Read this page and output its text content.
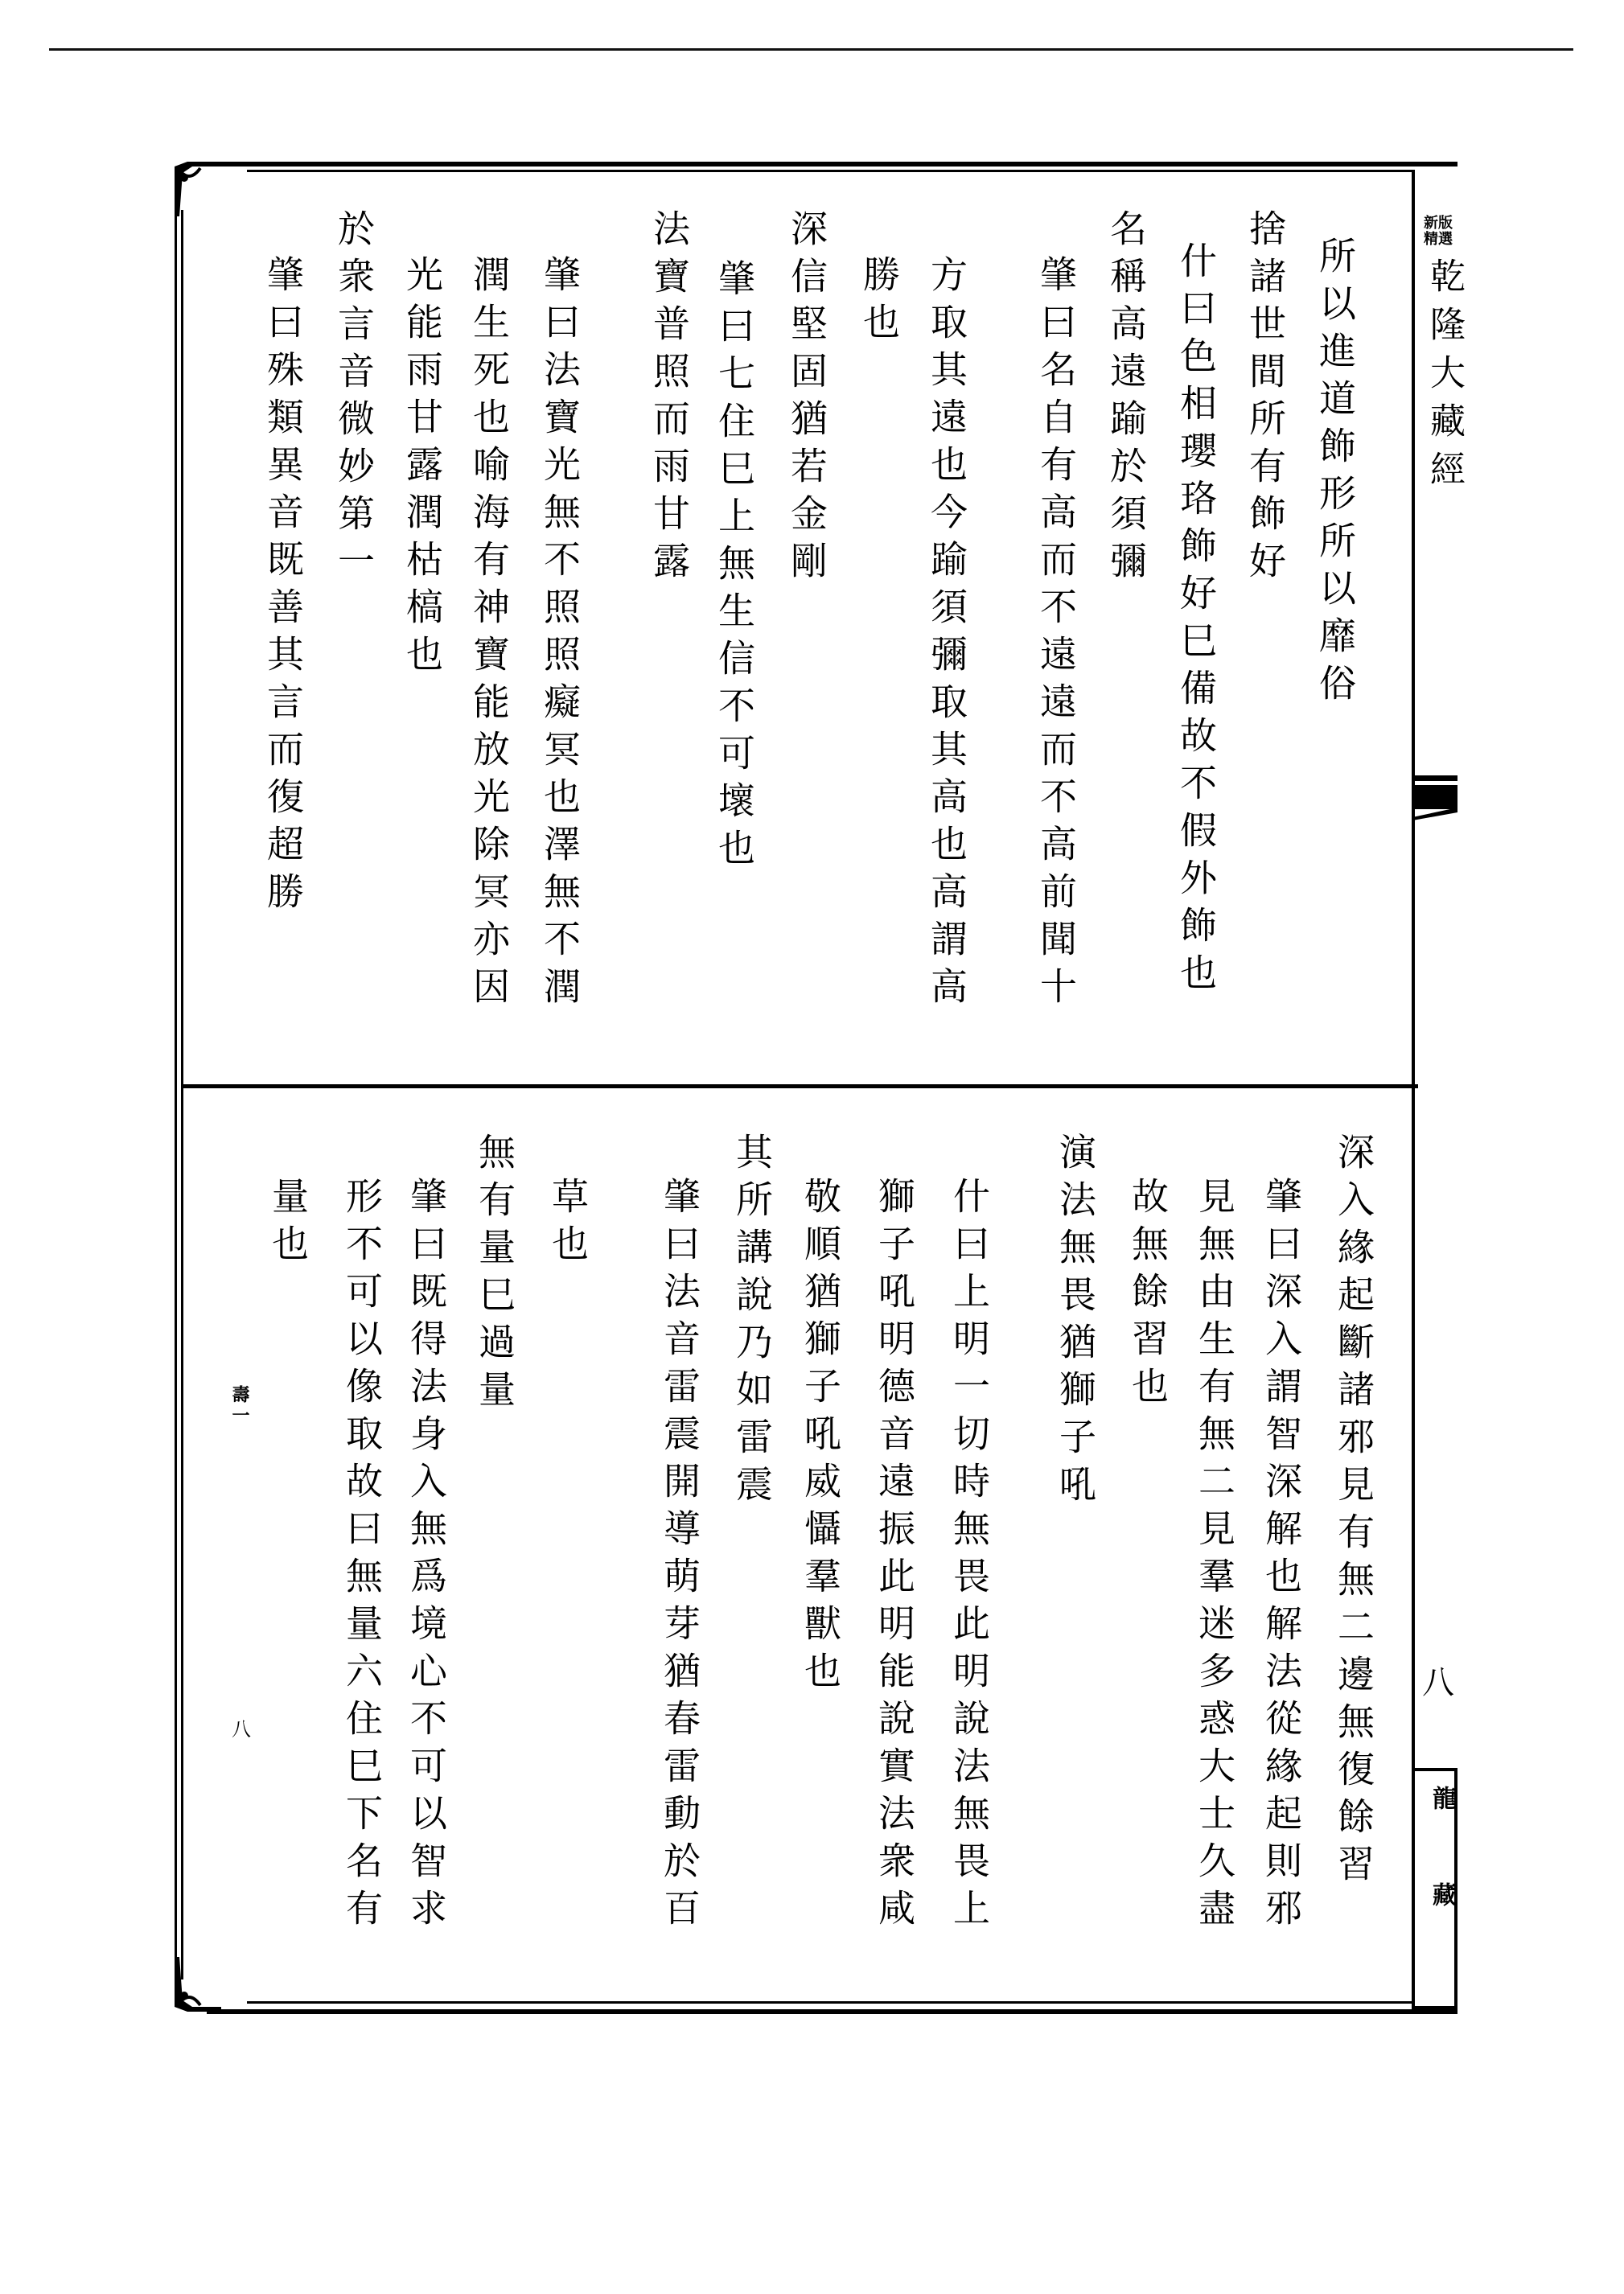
新版
精選
乾隆大藏經
八
龍藏
壽一
八
所以進道飾形所以靡俗
捨諸世間所有飾好
什曰色相瓔珞飾好巳備故不假外飾也
名稱高遠踰於須彌
肇曰名自有高而不遠遠而不高前聞十
方取其遠也今踰須彌取其高也高謂高
勝也
深信堅固猶若金剛
肇曰七住巳上無生信不可壞也
法寶普照而雨甘露
肇曰法寶光無不照照癡冥也澤無不潤
潤生死也喻海有神寶能放光除冥亦因
光能雨甘露潤枯槁也
於衆言音微妙第一
肇曰殊類異音既善其言而復超勝
深入緣起斷諸邪見有無二邊無復餘習
肇曰深入謂智深解也解法從緣起則邪
見無由生有無二見羣迷多惑大士久盡
故無餘習也
演法無畏猶獅子吼
什曰上明一切時無畏此明說法無畏上
獅子吼明德音遠振此明能說實法衆咸
敬順猶獅子吼威懾羣獸也
其所講說乃如雷震
肇曰法音雷震開導萌芽猶春雷動於百
草也
無有量巳過量
肇曰既得法身入無爲境心不可以智求
形不可以像取故曰無量六住巳下名有
量也
